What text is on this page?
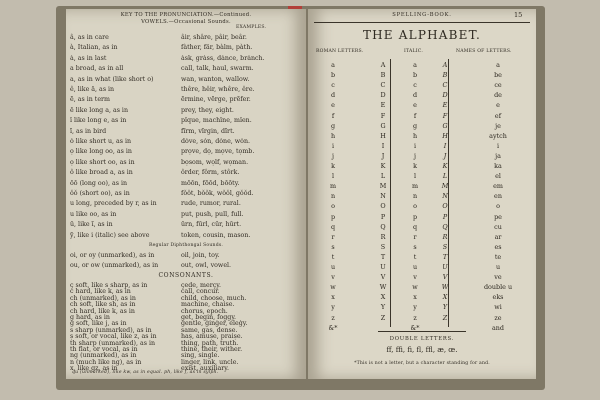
KEY TO THE PRONUNCIATION.—Continued.
VOWELS.—Occasional Sounds.
EXAMPLES.
â, as in care	âir, shâre, pâir, beâr.
à, Italian, as in	fàther, fär, bàlm, pàth.
ȧ, as in last	ȧsk, grȧss, dȧnce, brȧnch.
a broad, as in all	call, talk, haul, swarm.
a, as in what (like short o)	wan, wanton, wallow.
ê, like ā, as in	thêre, hêir, whêre, êre.
ẽ, as in term	ẽrmine, vẽrge, prẽfer.
ē like long a, as in	prey, they, eight.
ï like long e, as in	pïque, machïne, mïen.
ĩ, as in bird	fĩrm, vĩrgin, dĩrt.
ȯ like short u, as in	dȯve, sȯn, dȯne, wȯn.
ọ like long oo, as in	prọve, dọ, mọve, tọmb.
ọ like short oo, as in	bọsom, wọlf, wọman.
ô like broad a, as in	ôrder, fôrm, stôrk.
ōō (long oo), as in	mōōn, fōōd, bōōty.
ŏŏ (short oo), as in	fŏŏt, bŏŏk, wŏŏl, gŏŏd.
u long, preceded by r, as in	rude, rumor, rural.
u like oo, as in	put, push, pull, full.
ū, like ĩ, as in	ūrn, fūrl, cūr, hūrt.
ỹ, like i (italic) see above	token, cousin, mason.
Regular Diphthongal Sounds.
oi, or oy (unmarked), as in	oil, join, toy.
ou, or ow (unmarked), as in	out, owl, vowel.
CONSONANTS.
ç soft, like s sharp, as in	çede, merçy.
c hard, like k, as in	call, concur.
ch (unmarked), as in	child, choose, much.
ch soft, like sh, as in	machine, chaise.
ch hard, like k, as in	chorus, epoch.
g hard, as in	get, begin, foggy.
ġ soft, like j, as in	ġentle, ġinġer, eleġy.
s sharp (unmarked), as in	same, gas, dense.
ṣ soft, or vocal, like z, as in	haṣ, amuṣe, praiṣe.
th sharp (unmarked), as in	thing, path, truth.
th flat, or vocal, as in	thine, their, wither.
ng (unmarked), as in	sing, single.
n (much like ng), as in	linger, link, uncle.
x, like gz, as in	exist, auxiliary.
qu (unmarked), like kw, as in equal. ph, like f, as in sylph.
SPELLING-BOOK.	15
THE ALPHABET.
ROMAN LETTERS.	ITALIC.	NAMES OF LETTERS.
a	A	a	A	a
b	B	b	B	be
c	C	c	C	ce
d	D	d	D	de
e	E	e	E	e
f	F	f	F	ef
g	G	g	G	je
h	H	h	H	aytch
i	I	i	I	i
j	J	j	J	ja
k	K	k	K	ka
l	L	l	L	el
m	M	m	M	em
n	N	n	N	en
o	O	o	O	o
p	P	p	P	pe
q	Q	q	Q	cu
r	R	r	R	ar
s	S	s	S	es
t	T	t	T	te
u	U	u	U	u
v	V	v	V	ve
w	W	w	W	double u
x	X	x	X	eks
y	Y	y	Y	wi
z	Z	z	Z	ze
&*	&*	and
DOUBLE LETTERS.
ff, ffi, fi, fl, ffl, æ, œ.
*This is not a letter, but a character standing for and.
